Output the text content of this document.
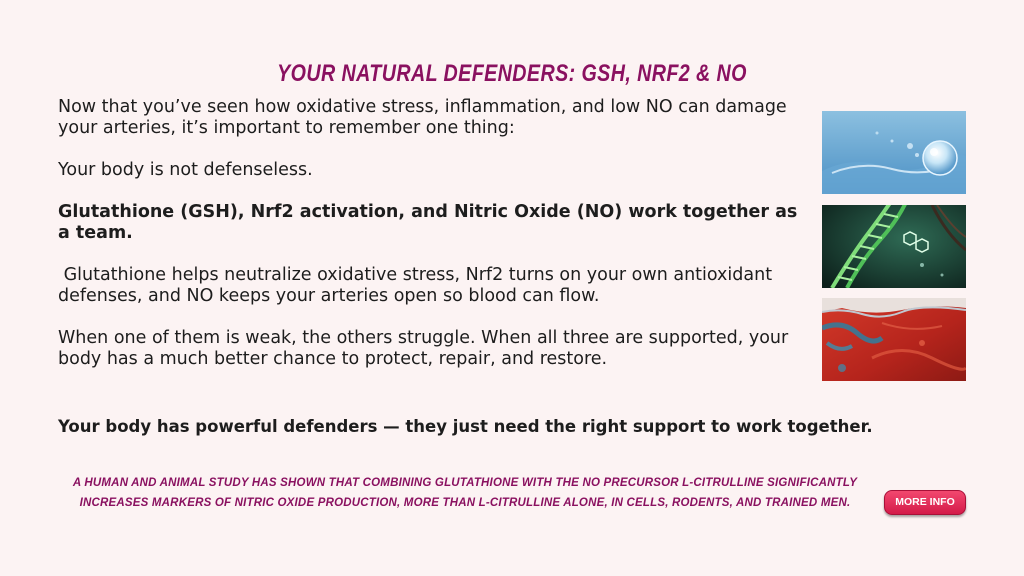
YOUR NATURAL DEFENDERS: GSH, NRF2 & NO

Now that you’ve seen how oxidative stress, inflammation, and low NO can damage your arteries, it’s important to remember one thing:

Your body is not defenseless.

Glutathione (GSH), Nrf2 activation, and Nitric Oxide (NO) work together as a team.

Glutathione helps neutralize oxidative stress, Nrf2 turns on your own antioxidant defenses, and NO keeps your arteries open so blood can flow.

When one of them is weak, the others struggle. When all three are supported, your body has a much better chance to protect, repair, and restore.

Your body has powerful defenders — they just need the right support to work together.
A HUMAN AND ANIMAL STUDY HAS SHOWN THAT COMBINING GLUTATHIONE WITH THE NO PRECURSOR L-CITRULLINE SIGNIFICANTLY INCREASES MARKERS OF NITRIC OXIDE PRODUCTION, MORE THAN L-CITRULLINE ALONE, IN CELLS, RODENTS, AND TRAINED MEN.	MORE INFO
